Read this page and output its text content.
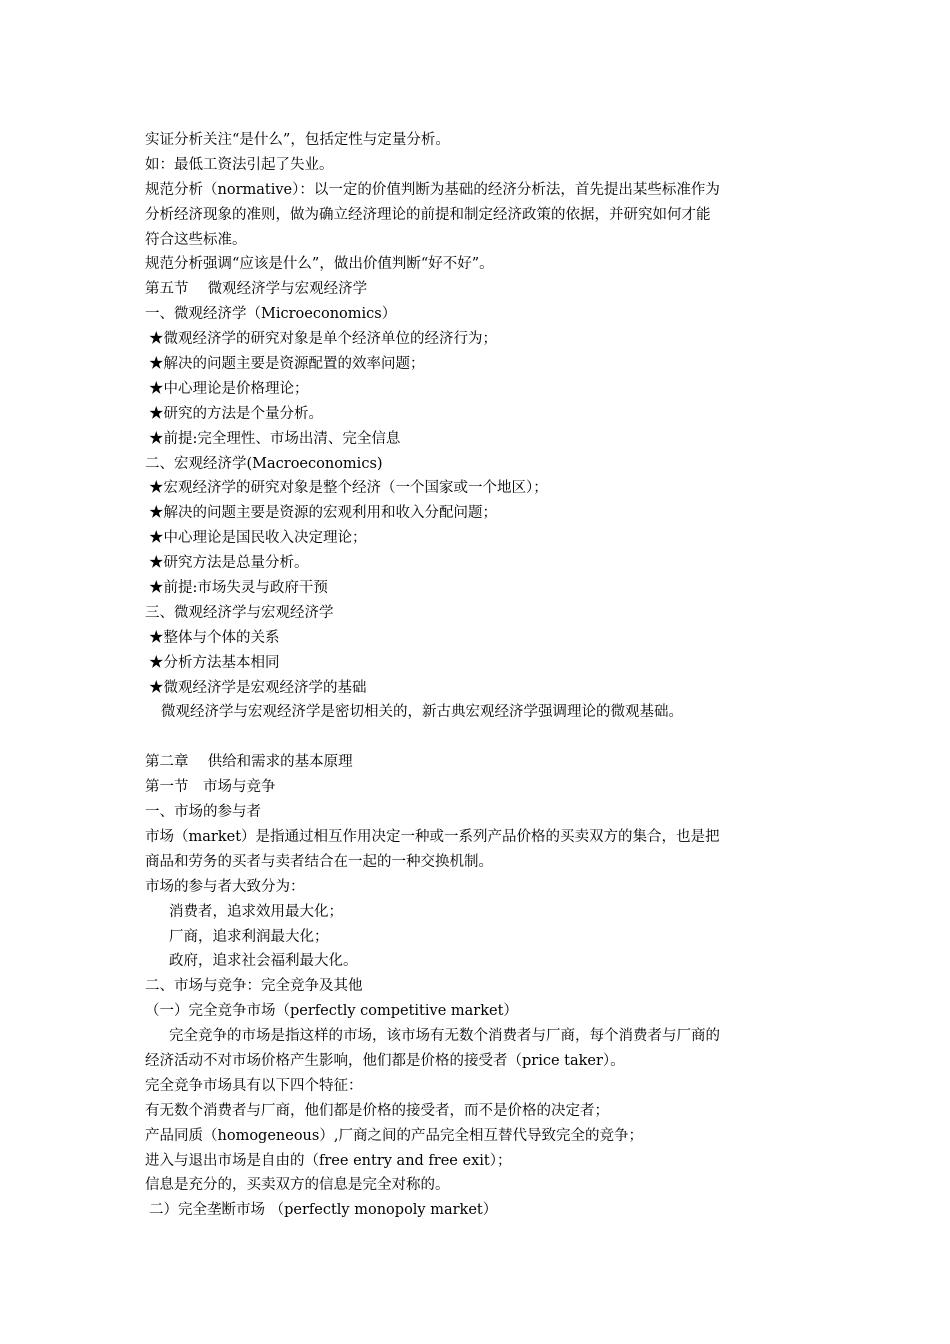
实证分析关注“是什么”，包括定性与定量分析。
如：最低工资法引起了失业。
规范分析（normative）：以一定的价值判断为基础的经济分析法，首先提出某些标准作为
分析经济现象的准则，做为确立经济理论的前提和制定经济政策的依据，并研究如何才能
符合这些标准。
规范分析强调“应该是什么”，做出价值判断“好不好”。
第五节　 微观经济学与宏观经济学
一、微观经济学（Microeconomics）
★微观经济学的研究对象是单个经济单位的经济行为；
★解决的问题主要是资源配置的效率问题；
★中心理论是价格理论；
★研究的方法是个量分析。
★前提:完全理性、市场出清、完全信息
二、宏观经济学(Macroeconomics)
★宏观经济学的研究对象是整个经济（一个国家或一个地区）；
★解决的问题主要是资源的宏观利用和收入分配问题；
★中心理论是国民收入决定理论；
★研究方法是总量分析。
★前提:市场失灵与政府干预
三、微观经济学与宏观经济学
★整体与个体的关系
★分析方法基本相同
★微观经济学是宏观经济学的基础
微观经济学与宏观经济学是密切相关的，新古典宏观经济学强调理论的微观基础。
第二章　 供给和需求的基本原理
第一节　市场与竞争
一、市场的参与者
市场（market）是指通过相互作用决定一种或一系列产品价格的买卖双方的集合，也是把
商品和劳务的买者与卖者结合在一起的一种交换机制。
市场的参与者大致分为：
消费者，追求效用最大化；
厂商，追求利润最大化；
政府，追求社会福利最大化。
二、市场与竞争：完全竞争及其他
（一）完全竞争市场（perfectly competitive market）
完全竞争的市场是指这样的市场，该市场有无数个消费者与厂商，每个消费者与厂商的
经济活动不对市场价格产生影响，他们都是价格的接受者（price taker）。
完全竞争市场具有以下四个特征：
有无数个消费者与厂商，他们都是价格的接受者，而不是价格的决定者；
产品同质（homogeneous）,厂商之间的产品完全相互替代导致完全的竞争；
进入与退出市场是自由的（free entry and free exit）；
信息是充分的，买卖双方的信息是完全对称的。
二）完全垄断市场 （perfectly monopoly market）
